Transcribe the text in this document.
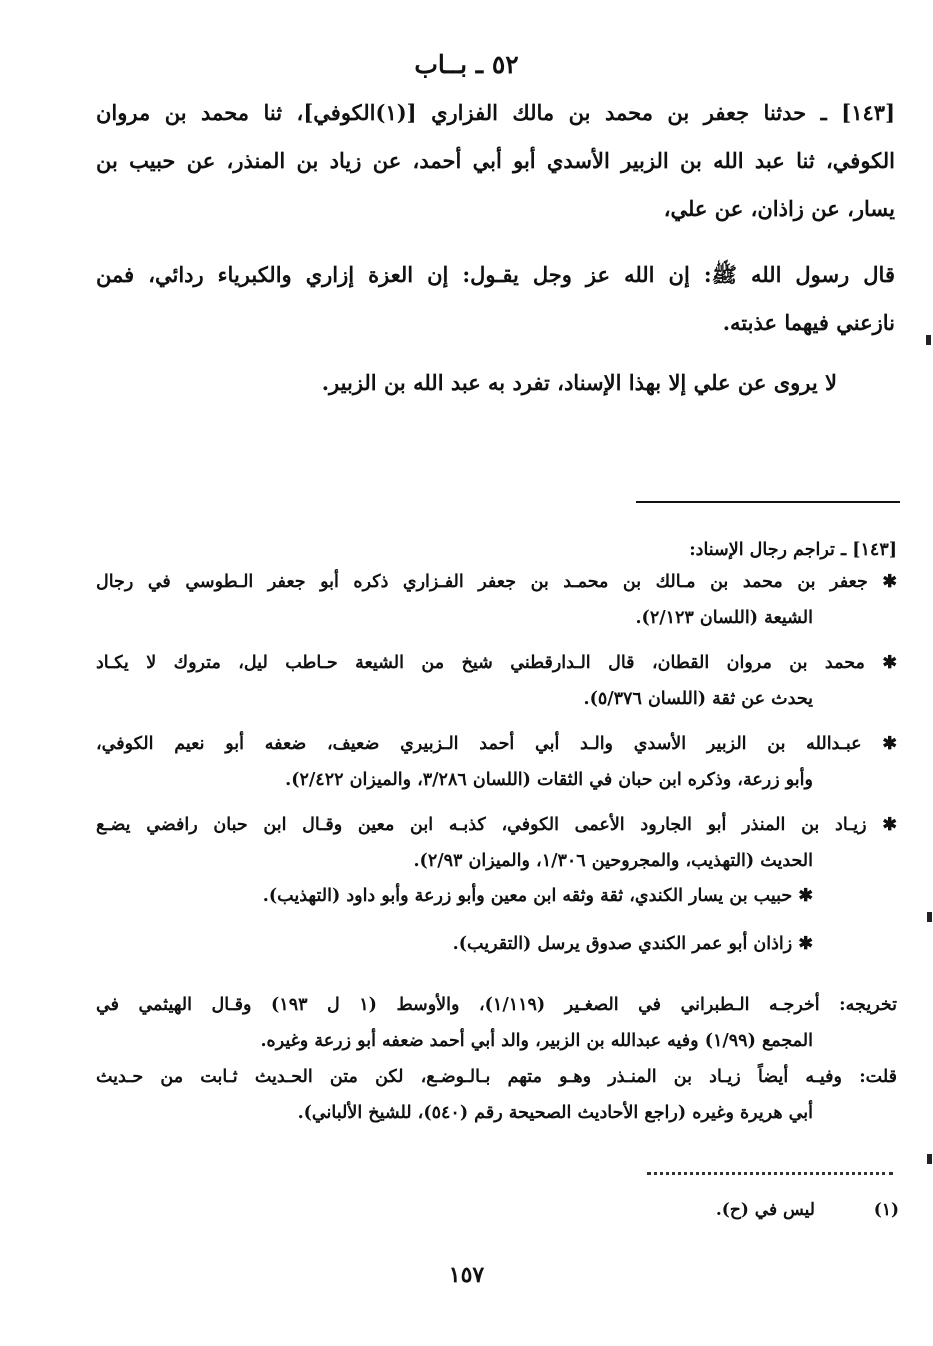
٥٢ ـ بــاب
[١٤٣] ـ حدثنا جعفر بن محمد بن مالك الفزاري [(١)الكوفي]، ثنا محمد بن مروان
الكوفي، ثنا عبد الله بن الزبير الأسدي أبو أبي أحمد، عن زياد بن المنذر، عن حبيب بن
يسار، عن زاذان، عن علي،
قال رسول الله ﷺ: إن الله عز وجل يقـول: إن العزة إزاري والكبرياء ردائي، فمن
نازعني فيهما عذبته.
لا يروى عن علي إلا بهذا الإسناد، تفرد به عبد الله بن الزبير.
[١٤٣] ـ تراجم رجال الإسناد:
✱ جعفر بن محمد بن مـالك بن محمـد بن جعفر الفـزاري ذكره أبو جعفر الـطوسي في رجال
الشيعة (اللسان ٢/١٢٣).
✱ محمد بن مروان القطان، قال الـدارقطني شيخ من الشيعة حـاطب ليل، متروك لا يكـاد
يحدث عن ثقة (اللسان ٥/٣٧٦).
✱ عبـدالله بن الزبير الأسدي والـد أبي أحمد الـزبيري ضعيف، ضعفه أبو نعيم الكوفي،
وأبو زرعة، وذكره ابن حبان في الثقات (اللسان ٣/٢٨٦، والميزان ٢/٤٢٢).
✱ زيـاد بن المنذر أبو الجارود الأعمى الكوفي، كذبـه ابن معين وقـال ابن حبان رافضي يضـع
الحديث (التهذيب، والمجروحين ١/٣٠٦، والميزان ٢/٩٣).
✱ حبيب بن يسار الكندي، ثقة وثقه ابن معين وأبو زرعة وأبو داود (التهذيب).
✱ زاذان أبو عمر الكندي صدوق يرسل (التقريب).
تخريجه: أخرجـه الـطبراني في الصغـير (١/١١٩)، والأوسط (١ ل ١٩٣) وقـال الهيثمي في
المجمع (١/٩٩) وفيه عبدالله بن الزبير، والد أبي أحمد ضعفه أبو زرعة وغيره.
قلت: وفيـه أيضاً زيـاد بن المنـذر وهـو متهم بـالـوضـع، لكن متن الحـديث ثـابت من حـديث
أبي هريرة وغيره (راجع الأحاديث الصحيحة رقم (٥٤٠)، للشيخ الألباني).
(١)
ليس في (ح).
١٥٧
